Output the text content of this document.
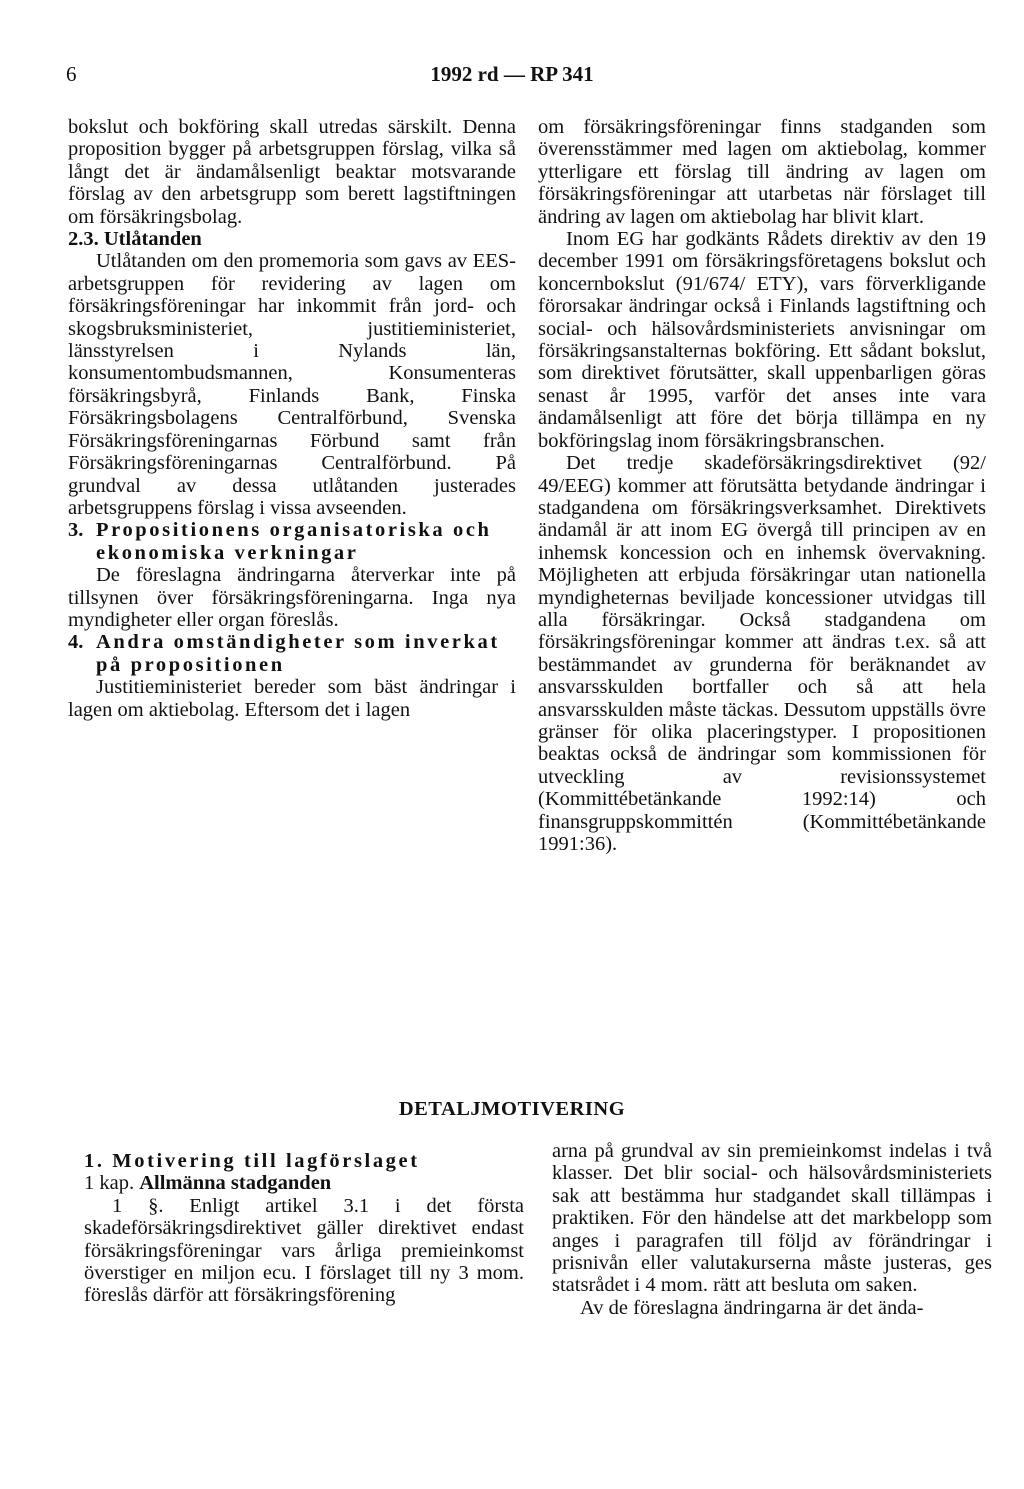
6	1992 rd — RP 341

bokslut och bokföring skall utredas särskilt. Denna proposition bygger på arbetsgruppen förslag, vilka så långt det är ändamålsenligt beaktar motsvarande förslag av den arbetsgrupp som berett lagstiftningen om försäkringsbolag.

2.3. Utlåtanden

Utlåtanden om den promemoria som gavs av EES-arbetsgruppen för revidering av lagen om försäkringsföreningar har inkommit från jord- och skogsbruksministeriet, justitieministeriet, länsstyrelsen i Nylands län, konsumentombudsmannen, Konsumenteras försäkringsbyrå, Finlands Bank, Finska Försäkringsbolagens Centralförbund, Svenska Försäkringsföreningarnas Förbund samt från Försäkringsföreningarnas Centralförbund. På grundval av dessa utlåtanden justerades arbetsgruppens förslag i vissa avseenden.

3. Propositionens organisatoriska och ekonomiska verkningar

De föreslagna ändringarna återverkar inte på tillsynen över försäkringsföreningarna. Inga nya myndigheter eller organ föreslås.

4. Andra omständigheter som inverkat på propositionen

Justitieministeriet bereder som bäst ändringar i lagen om aktiebolag. Eftersom det i lagen

om försäkringsföreningar finns stadganden som överensstämmer med lagen om aktiebolag, kommer ytterligare ett förslag till ändring av lagen om försäkringsföreningar att utarbetas när förslaget till ändring av lagen om aktiebolag har blivit klart.

Inom EG har godkänts Rådets direktiv av den 19 december 1991 om försäkringsföretagens bokslut och koncernbokslut (91/674/ ETY), vars förverkligande förorsakar ändringar också i Finlands lagstiftning och social- och hälsovårdsministeriets anvisningar om försäkringsanstalternas bokföring. Ett sådant bokslut, som direktivet förutsätter, skall uppenbarligen göras senast år 1995, varför det anses inte vara ändamålsenligt att före det börja tillämpa en ny bokföringslag inom försäkringsbranschen.

Det tredje skadeförsäkringsdirektivet (92/ 49/EEG) kommer att förutsätta betydande ändringar i stadgandena om försäkringsverksamhet. Direktivets ändamål är att inom EG övergå till principen av en inhemsk koncession och en inhemsk övervakning. Möjligheten att erbjuda försäkringar utan nationella myndigheternas beviljade koncessioner utvidgas till alla försäkringar. Också stadgandena om försäkringsföreningar kommer att ändras t.ex. så att bestämmandet av grunderna för beräknandet av ansvarsskulden bortfaller och så att hela ansvarsskulden måste täckas. Dessutom uppställs övre gränser för olika placeringstyper. I propositionen beaktas också de ändringar som kommissionen för utveckling av revisionssystemet (Kommittébetänkande 1992:14) och finansgruppskommittén (Kommittébetänkande 1991:36).

DETALJMOTIVERING

1. Motivering till lagförslaget

1 kap. Allmänna stadganden

1 §. Enligt artikel 3.1 i det första skadeförsäkringsdirektivet gäller direktivet endast försäkringsföreningar vars årliga premieinkomst överstiger en miljon ecu. I förslaget till ny 3 mom. föreslås därför att försäkringsförening

arna på grundval av sin premieinkomst indelas i två klasser. Det blir social- och hälsovårdsministeriets sak att bestämma hur stadgandet skall tillämpas i praktiken. För den händelse att det markbelopp som anges i paragrafen till följd av förändringar i prisnivån eller valutakurserna måste justeras, ges statsrådet i 4 mom. rätt att besluta om saken.

Av de föreslagna ändringarna är det ända-
